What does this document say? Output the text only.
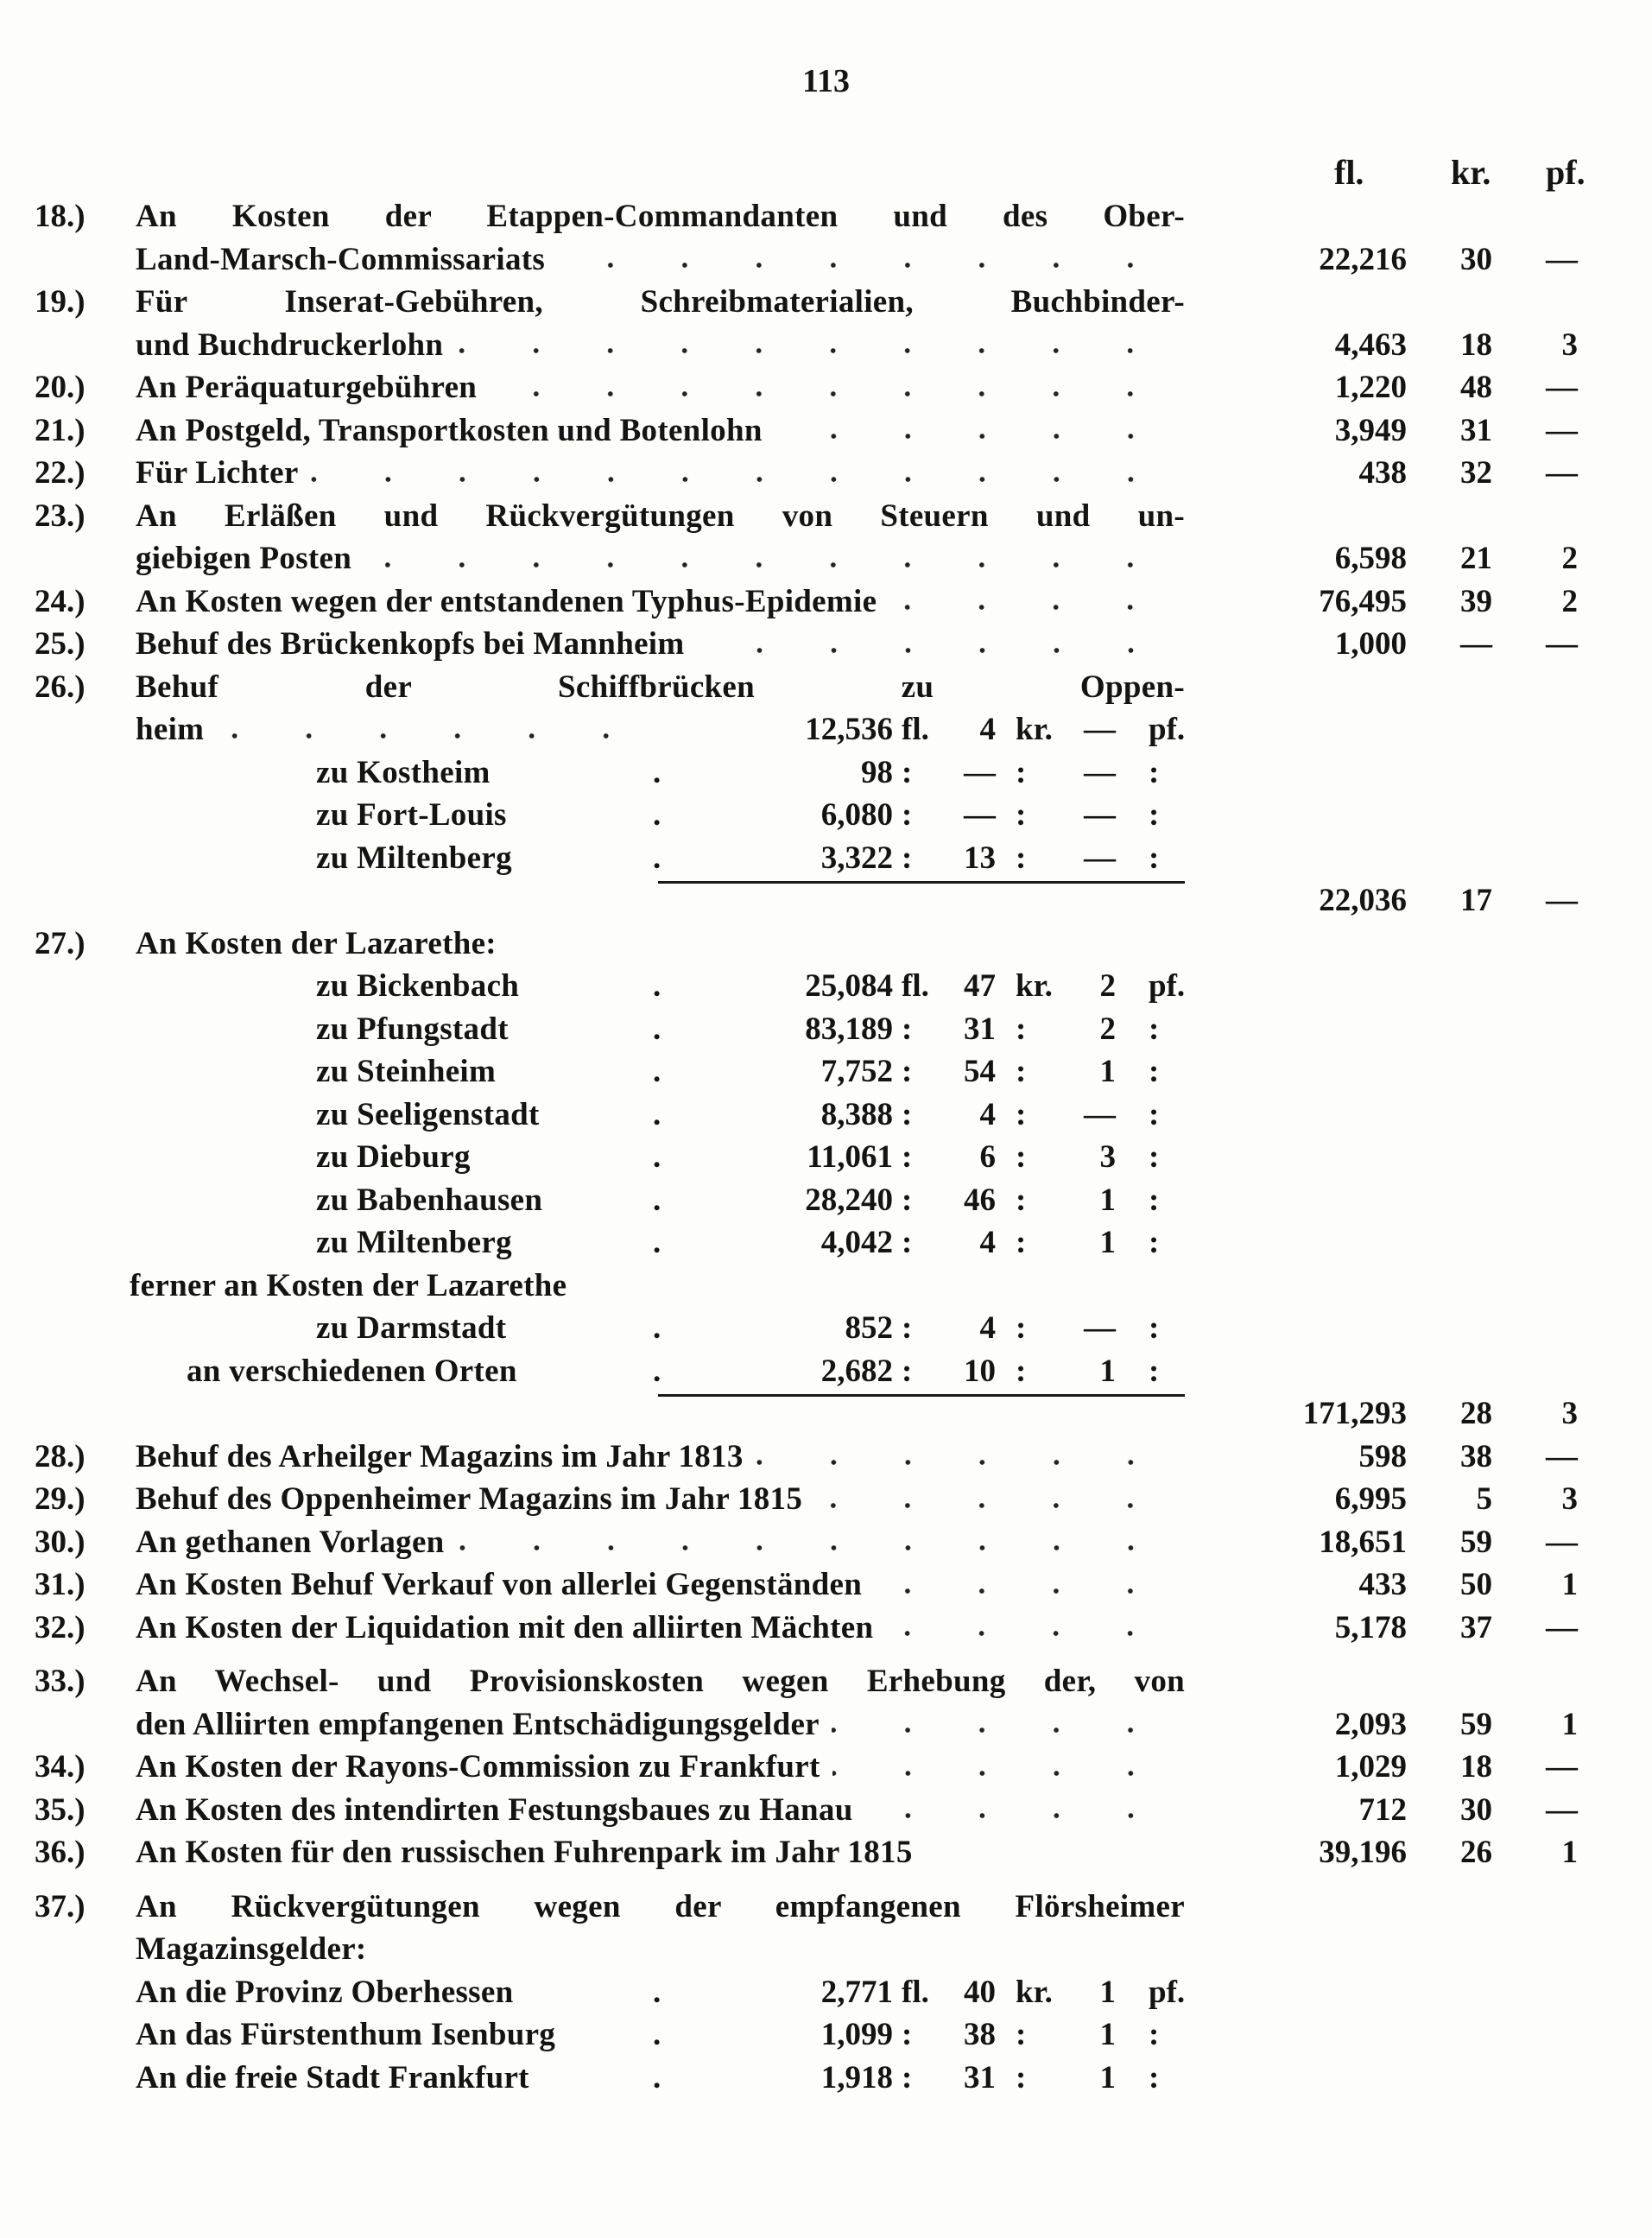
113
fl.	kr. pf.
18.) An Kosten der Etappen-Commandanten und des Ober-
Land-Marsch-Commissariats	22,216	30	—
19.) Für Inserat-Gebühren, Schreibmaterialien, Buchbinder-
und Buchdruckerlohn	4,463	18	3
20.) An Peräquaturgebühren	1,220	48	—
21.) An Postgeld, Transportkosten und Botenlohn	3,949	31	—
22.) Für Lichter	438	32	—
23.) An Erläßen und Rückvergütungen von Steuern und un-
giebigen Posten	6,598	21	2
24.) An Kosten wegen der entstandenen Typhus-Epidemie	76,495	39	2
25.) Behuf des Brückenkopfs bei Mannheim	1,000	—	—
26.) Behuf der Schiffbrücken zu Oppen-
heim	12,536 fl.	4 kr. — pf.
zu Kostheim	.	98 :	— :	— :
zu Fort-Louis	.	6,080 :	— :	— :
zu Miltenberg	.	3,322 :	13 :	— :
22,036	17	—
27.) An Kosten der Lazarethe:
zu Bickenbach	.	25,084 fl.	47 kr.	2 pf.
zu Pfungstadt	.	83,189 :	31 :	2 :
zu Steinheim	.	7,752 :	54 :	1 :
zu Seeligenstadt	.	8,388 :	4 :	— :
zu Dieburg	.	11,061 :	6 :	3 :
zu Babenhausen	.	28,240 :	46 :	1 :
zu Miltenberg	.	4,042 :	4 :	1 :
ferner an Kosten der Lazarethe
zu Darmstadt	.	852 :	4 :	— :
an verschiedenen Orten	.	2,682 :	10 :	1 :
171,293	28	3
28.) Behuf des Arheilger Magazins im Jahr 1813	598	38	—
29.) Behuf des Oppenheimer Magazins im Jahr 1815	6,995	5	3
30.) An gethanen Vorlagen	18,651	59	—
31.) An Kosten Behuf Verkauf von allerlei Gegenständen	433	50	1
32.) An Kosten der Liquidation mit den alliirten Mächten	5,178	37	—
33.) An Wechsel- und Provisionskosten wegen Erhebung der, von
den Alliirten empfangenen Entschädigungsgelder	2,093	59	1
34.) An Kosten der Rayons-Commission zu Frankfurt	1,029	18	—
35.) An Kosten des intendirten Festungsbaues zu Hanau	712	30	—
36.) An Kosten für den russischen Fuhrenpark im Jahr 1815	39,196	26	1
37.) An Rückvergütungen wegen der empfangenen Flörsheimer
Magazinsgelder:
An die Provinz Oberhessen	.	2,771 fl.	40 kr.	1 pf.
An das Fürstenthum Isenburg	.	1,099 :	38 :	1 :
An die freie Stadt Frankfurt	.	1,918 :	31 :	1 :
